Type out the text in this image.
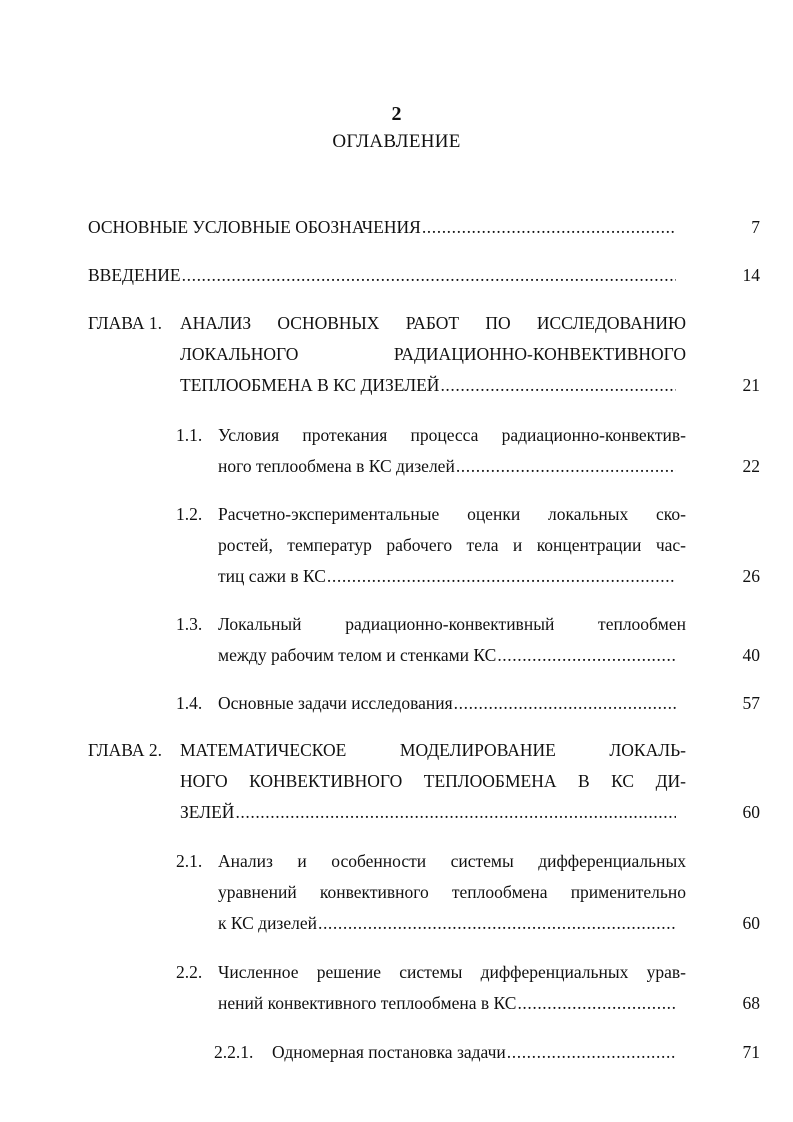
2
ОГЛАВЛЕНИЕ
ОСНОВНЫЕ УСЛОВНЫЕ ОБОЗНАЧЕНИЯ .....	7
ВВЕДЕНИЕ .....	14
ГЛАВА 1. АНАЛИЗ ОСНОВНЫХ РАБОТ ПО ИССЛЕДОВАНИЮ
ЛОКАЛЬНОГО РАДИАЦИОННО-КОНВЕКТИВНОГО
ТЕПЛООБМЕНА В КС ДИЗЕЛЕЙ .....	21
1.1. Условия протекания процесса радиационно-конвектив-
ного теплообмена в КС дизелей .....	22
1.2. Расчетно-экспериментальные оценки локальных ско-
ростей, температур рабочего тела и концентрации час-
тиц сажи в КС .....	26
1.3. Локальный радиационно-конвективный теплообмен
между рабочим телом и стенками КС .....	40
1.4. Основные задачи исследования .....	57
ГЛАВА 2. МАТЕМАТИЧЕСКОЕ МОДЕЛИРОВАНИЕ ЛОКАЛЬ-
НОГО КОНВЕКТИВНОГО ТЕПЛООБМЕНА В КС ДИ-
ЗЕЛЕЙ .....	60
2.1. Анализ и особенности системы дифференциальных
уравнений конвективного теплообмена применительно
к КС дизелей .....	60
2.2. Численное решение системы дифференциальных урав-
нений конвективного теплообмена в КС .....	68
2.2.1. Одномерная постановка задачи .....	71
